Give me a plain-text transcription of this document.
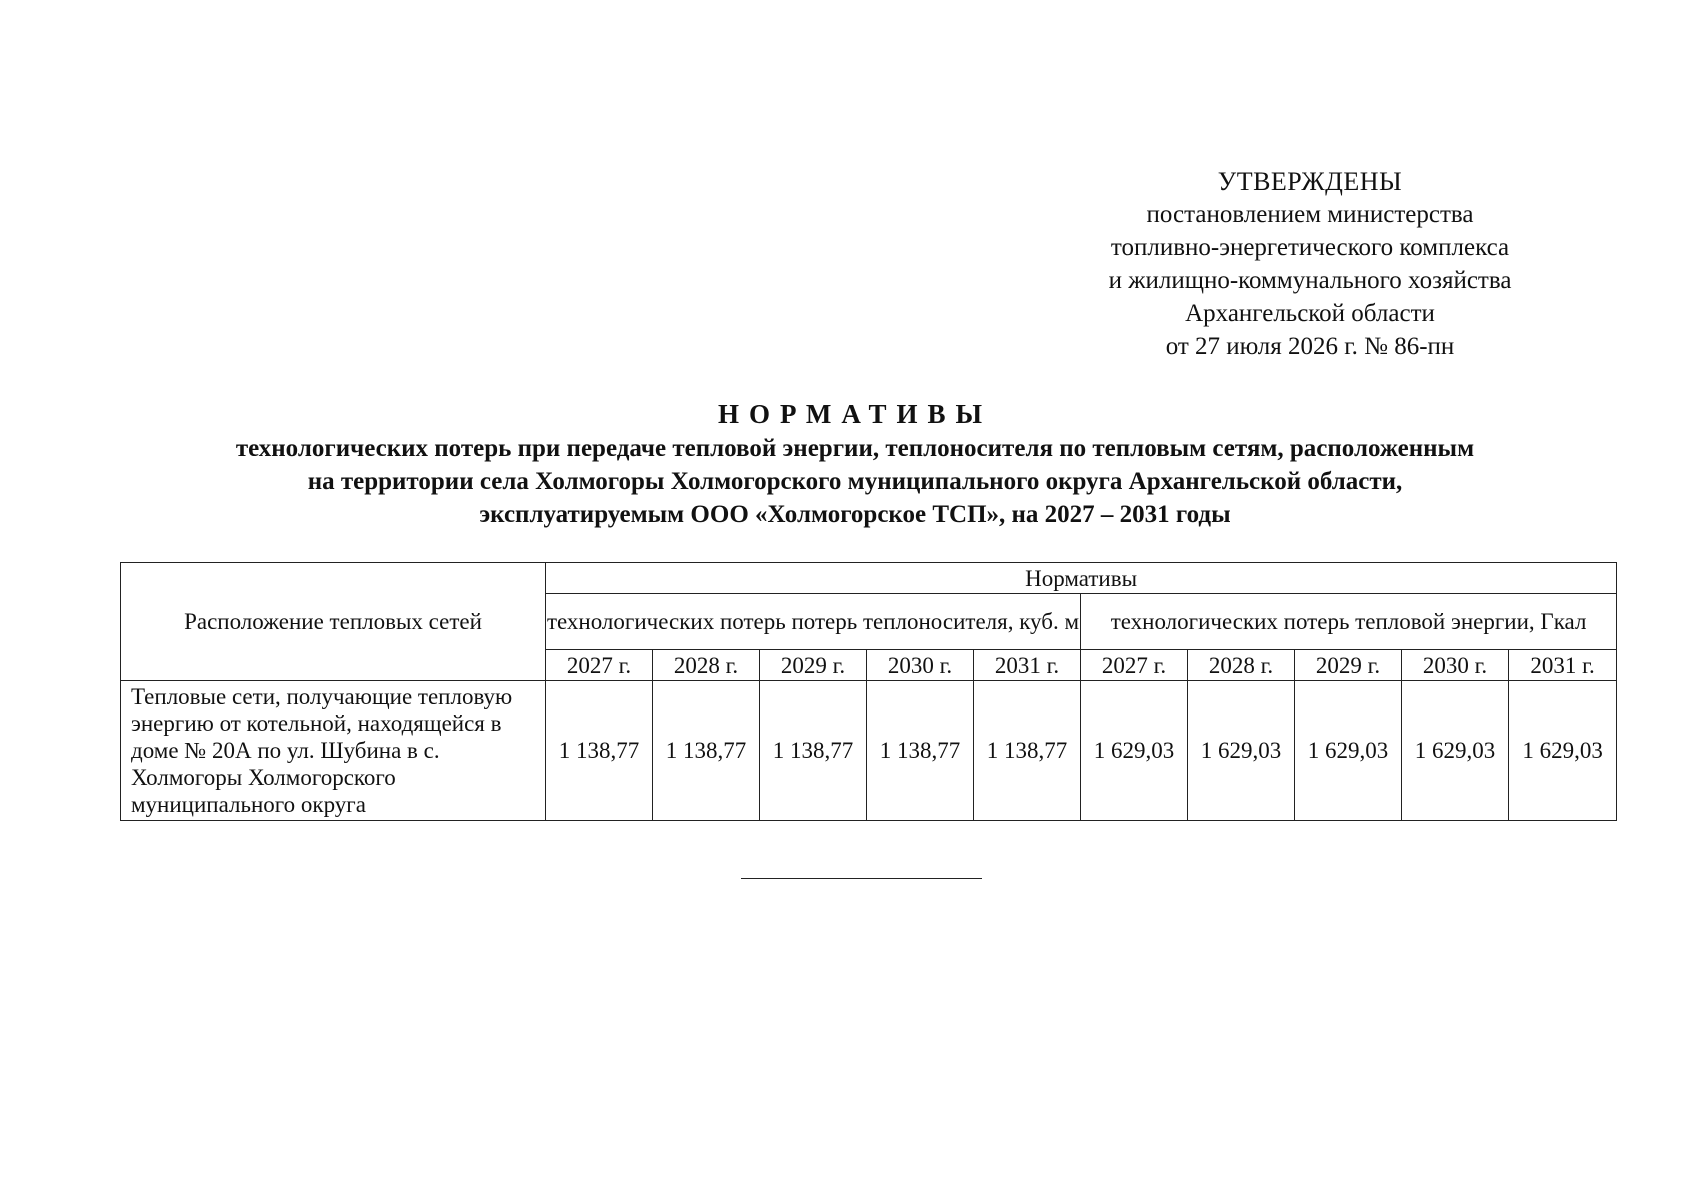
УТВЕРЖДЕНЫ
постановлением министерства
топливно-энергетического комплекса
и жилищно-коммунального хозяйства
Архангельской области
от 27 июля 2026 г. № 86-пн
НОРМАТИВЫ
технологических потерь при передаче тепловой энергии, теплоносителя по тепловым сетям, расположенным
на территории села Холмогоры Холмогорского муниципального округа Архангельской области,
эксплуатируемым ООО «Холмогорское ТСП», на 2027 – 2031 годы
Расположение тепловых сетей	Нормативы									
	технологических потерь потерь теплоносителя, куб. м					технологических потерь тепловой энергии, Гкал				
	2027 г.	2028 г.	2029 г.	2030 г.	2031 г.	2027 г.	2028 г.	2029 г.	2030 г.	2031 г.
Тепловые сети, получающие тепловую энергию от котельной, находящейся в доме № 20А по ул. Шубина в с. Холмогоры Холмогорского муниципального округа	1 138,77	1 138,77	1 138,77	1 138,77	1 138,77	1 629,03	1 629,03	1 629,03	1 629,03	1 629,03
